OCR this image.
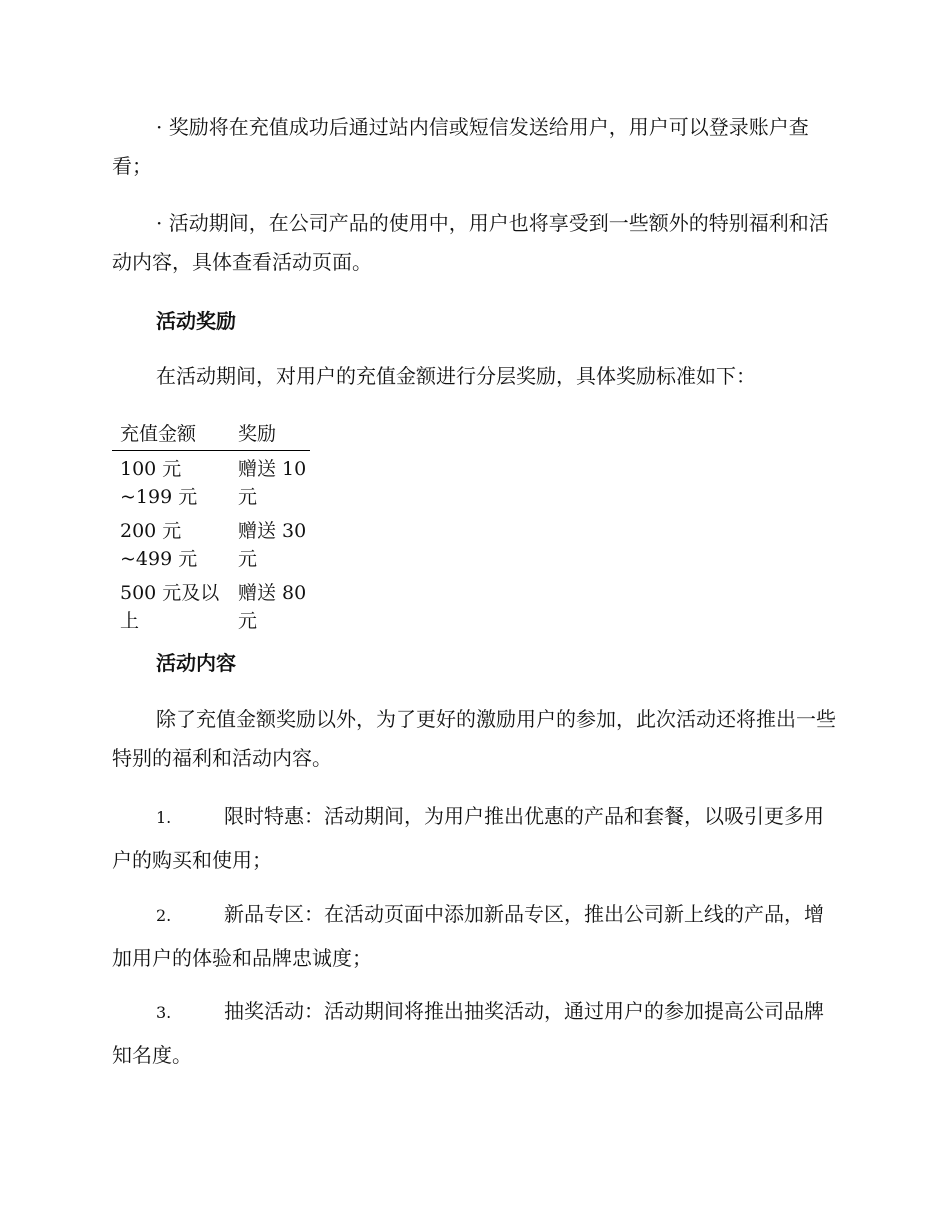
· 奖励将在充值成功后通过站内信或短信发送给用户，用户可以登录账户查看；

· 活动期间，在公司产品的使用中，用户也将享受到一些额外的特别福利和活动内容，具体查看活动页面。

活动奖励

在活动期间，对用户的充值金额进行分层奖励，具体奖励标准如下：

充值金额	奖励
100 元 ~199 元	赠送 10 元
200 元 ~499 元	赠送 30 元
500 元及以上	赠送 80 元

活动内容

除了充值金额奖励以外，为了更好的激励用户的参加，此次活动还将推出一些特别的福利和活动内容。

1.	限时特惠：活动期间，为用户推出优惠的产品和套餐，以吸引更多用户的购买和使用；

2.	新品专区：在活动页面中添加新品专区，推出公司新上线的产品，增加用户的体验和品牌忠诚度；

3.	抽奖活动：活动期间将推出抽奖活动，通过用户的参加提高公司品牌知名度。
